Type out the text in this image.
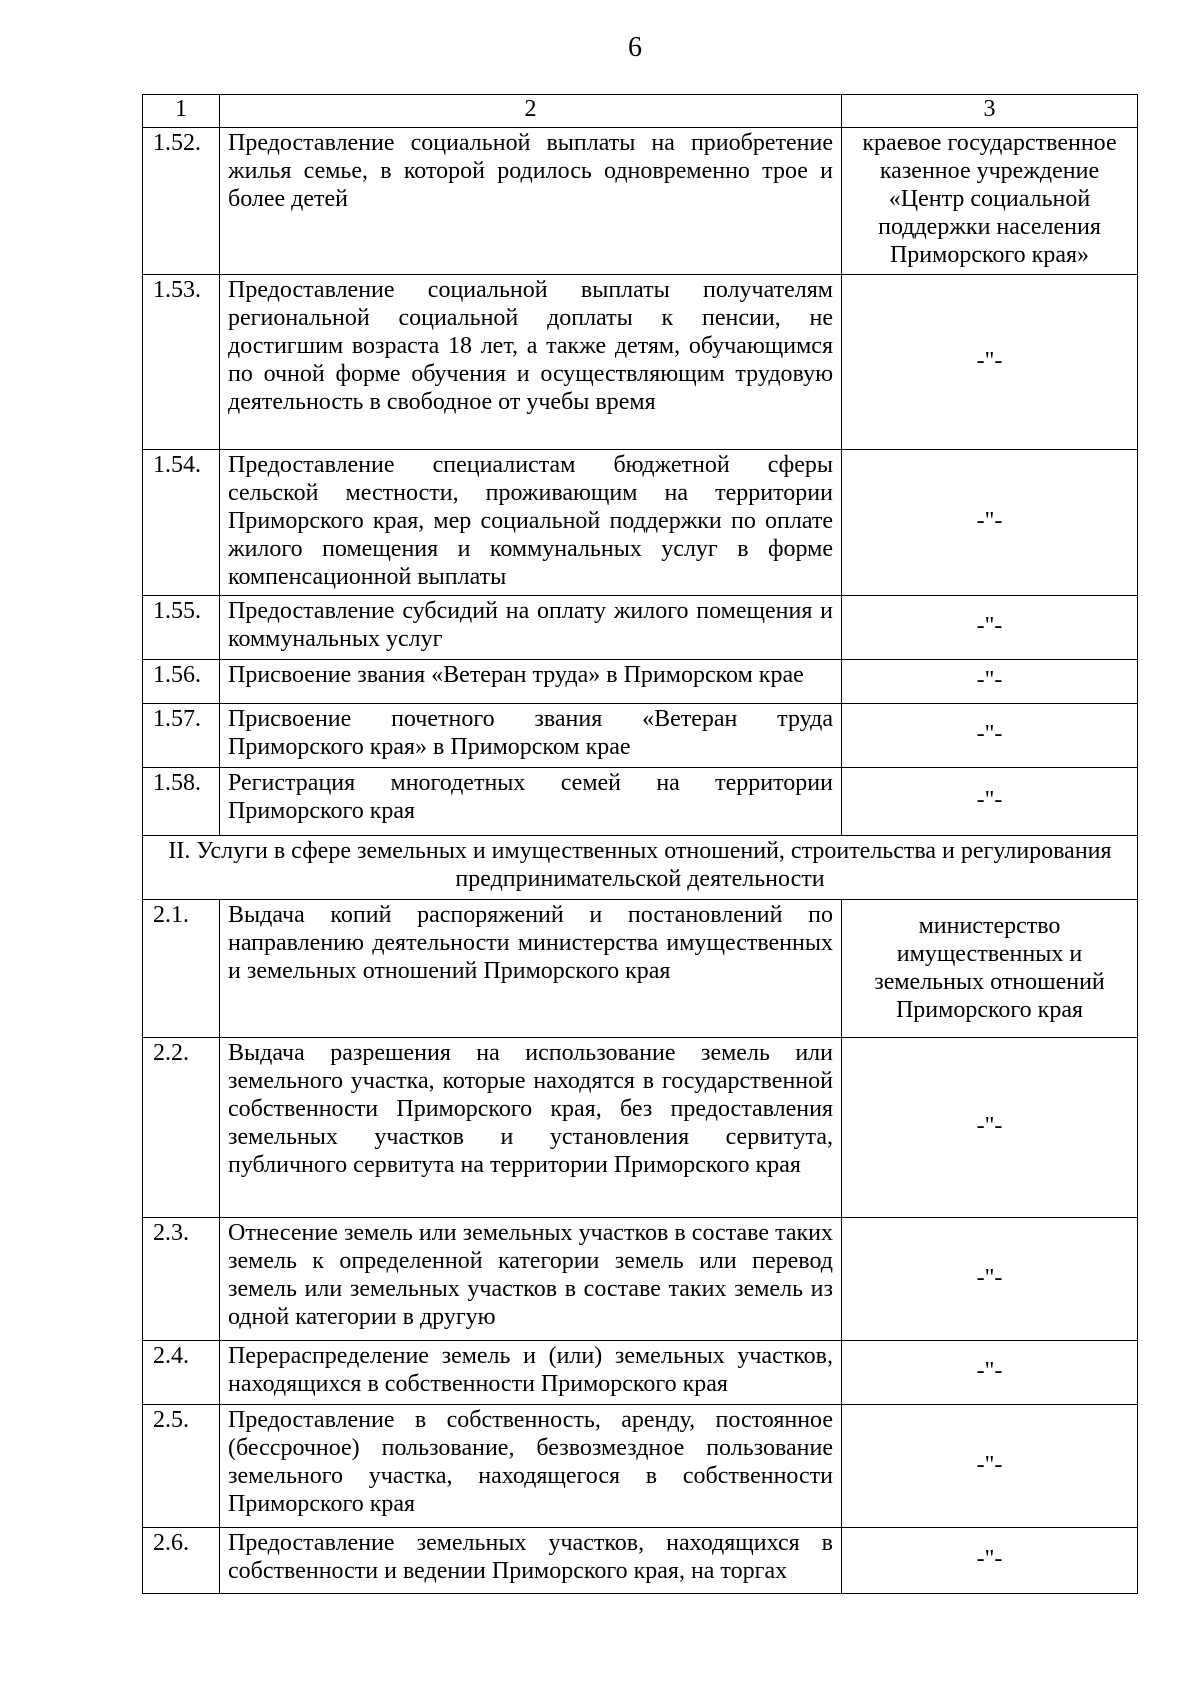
6
1	2	3
1.52.	Предоставление социальной выплаты на приобретение жилья семье, в которой родилось одновременно трое и более детей	краевое государственное казенное учреждение «Центр социальной поддержки населения Приморского края»
1.53.	Предоставление социальной выплаты получателям региональной социальной доплаты к пенсии, не достигшим возраста 18 лет, а также детям, обучающимся по очной форме обучения и осуществляющим трудовую деятельность в свободное от учебы время	-"-
1.54.	Предоставление специалистам бюджетной сферы сельской местности, проживающим на территории Приморского края, мер социальной поддержки по оплате жилого помещения и коммунальных услуг в форме компенсационной выплаты	-"-
1.55.	Предоставление субсидий на оплату жилого помещения и коммунальных услуг	-"-
1.56.	Присвоение звания «Ветеран труда» в Приморском крае	-"-
1.57.	Присвоение почетного звания «Ветеран труда Приморского края» в Приморском крае	-"-
1.58.	Регистрация многодетных семей на территории Приморского края	-"-
II. Услуги в сфере земельных и имущественных отношений, строительства и регулирования предпринимательской деятельности		
2.1.	Выдача копий распоряжений и постановлений по направлению деятельности министерства имущественных и земельных отношений Приморского края	министерство имущественных и земельных отношений Приморского края
2.2.	Выдача разрешения на использование земель или земельного участка, которые находятся в государственной собственности Приморского края, без предоставления земельных участков и установления сервитута, публичного сервитута на территории Приморского края	-"-
2.3.	Отнесение земель или земельных участков в составе таких земель к определенной категории земель или перевод земель или земельных участков в составе таких земель из одной категории в другую	-"-
2.4.	Перераспределение земель и (или) земельных участков, находящихся в собственности Приморского края	-"-
2.5.	Предоставление в собственность, аренду, постоянное (бессрочное) пользование, безвозмездное пользование земельного участка, находящегося в собственности Приморского края	-"-
2.6.	Предоставление земельных участков, находящихся в собственности и ведении Приморского края, на торгах	-"-
